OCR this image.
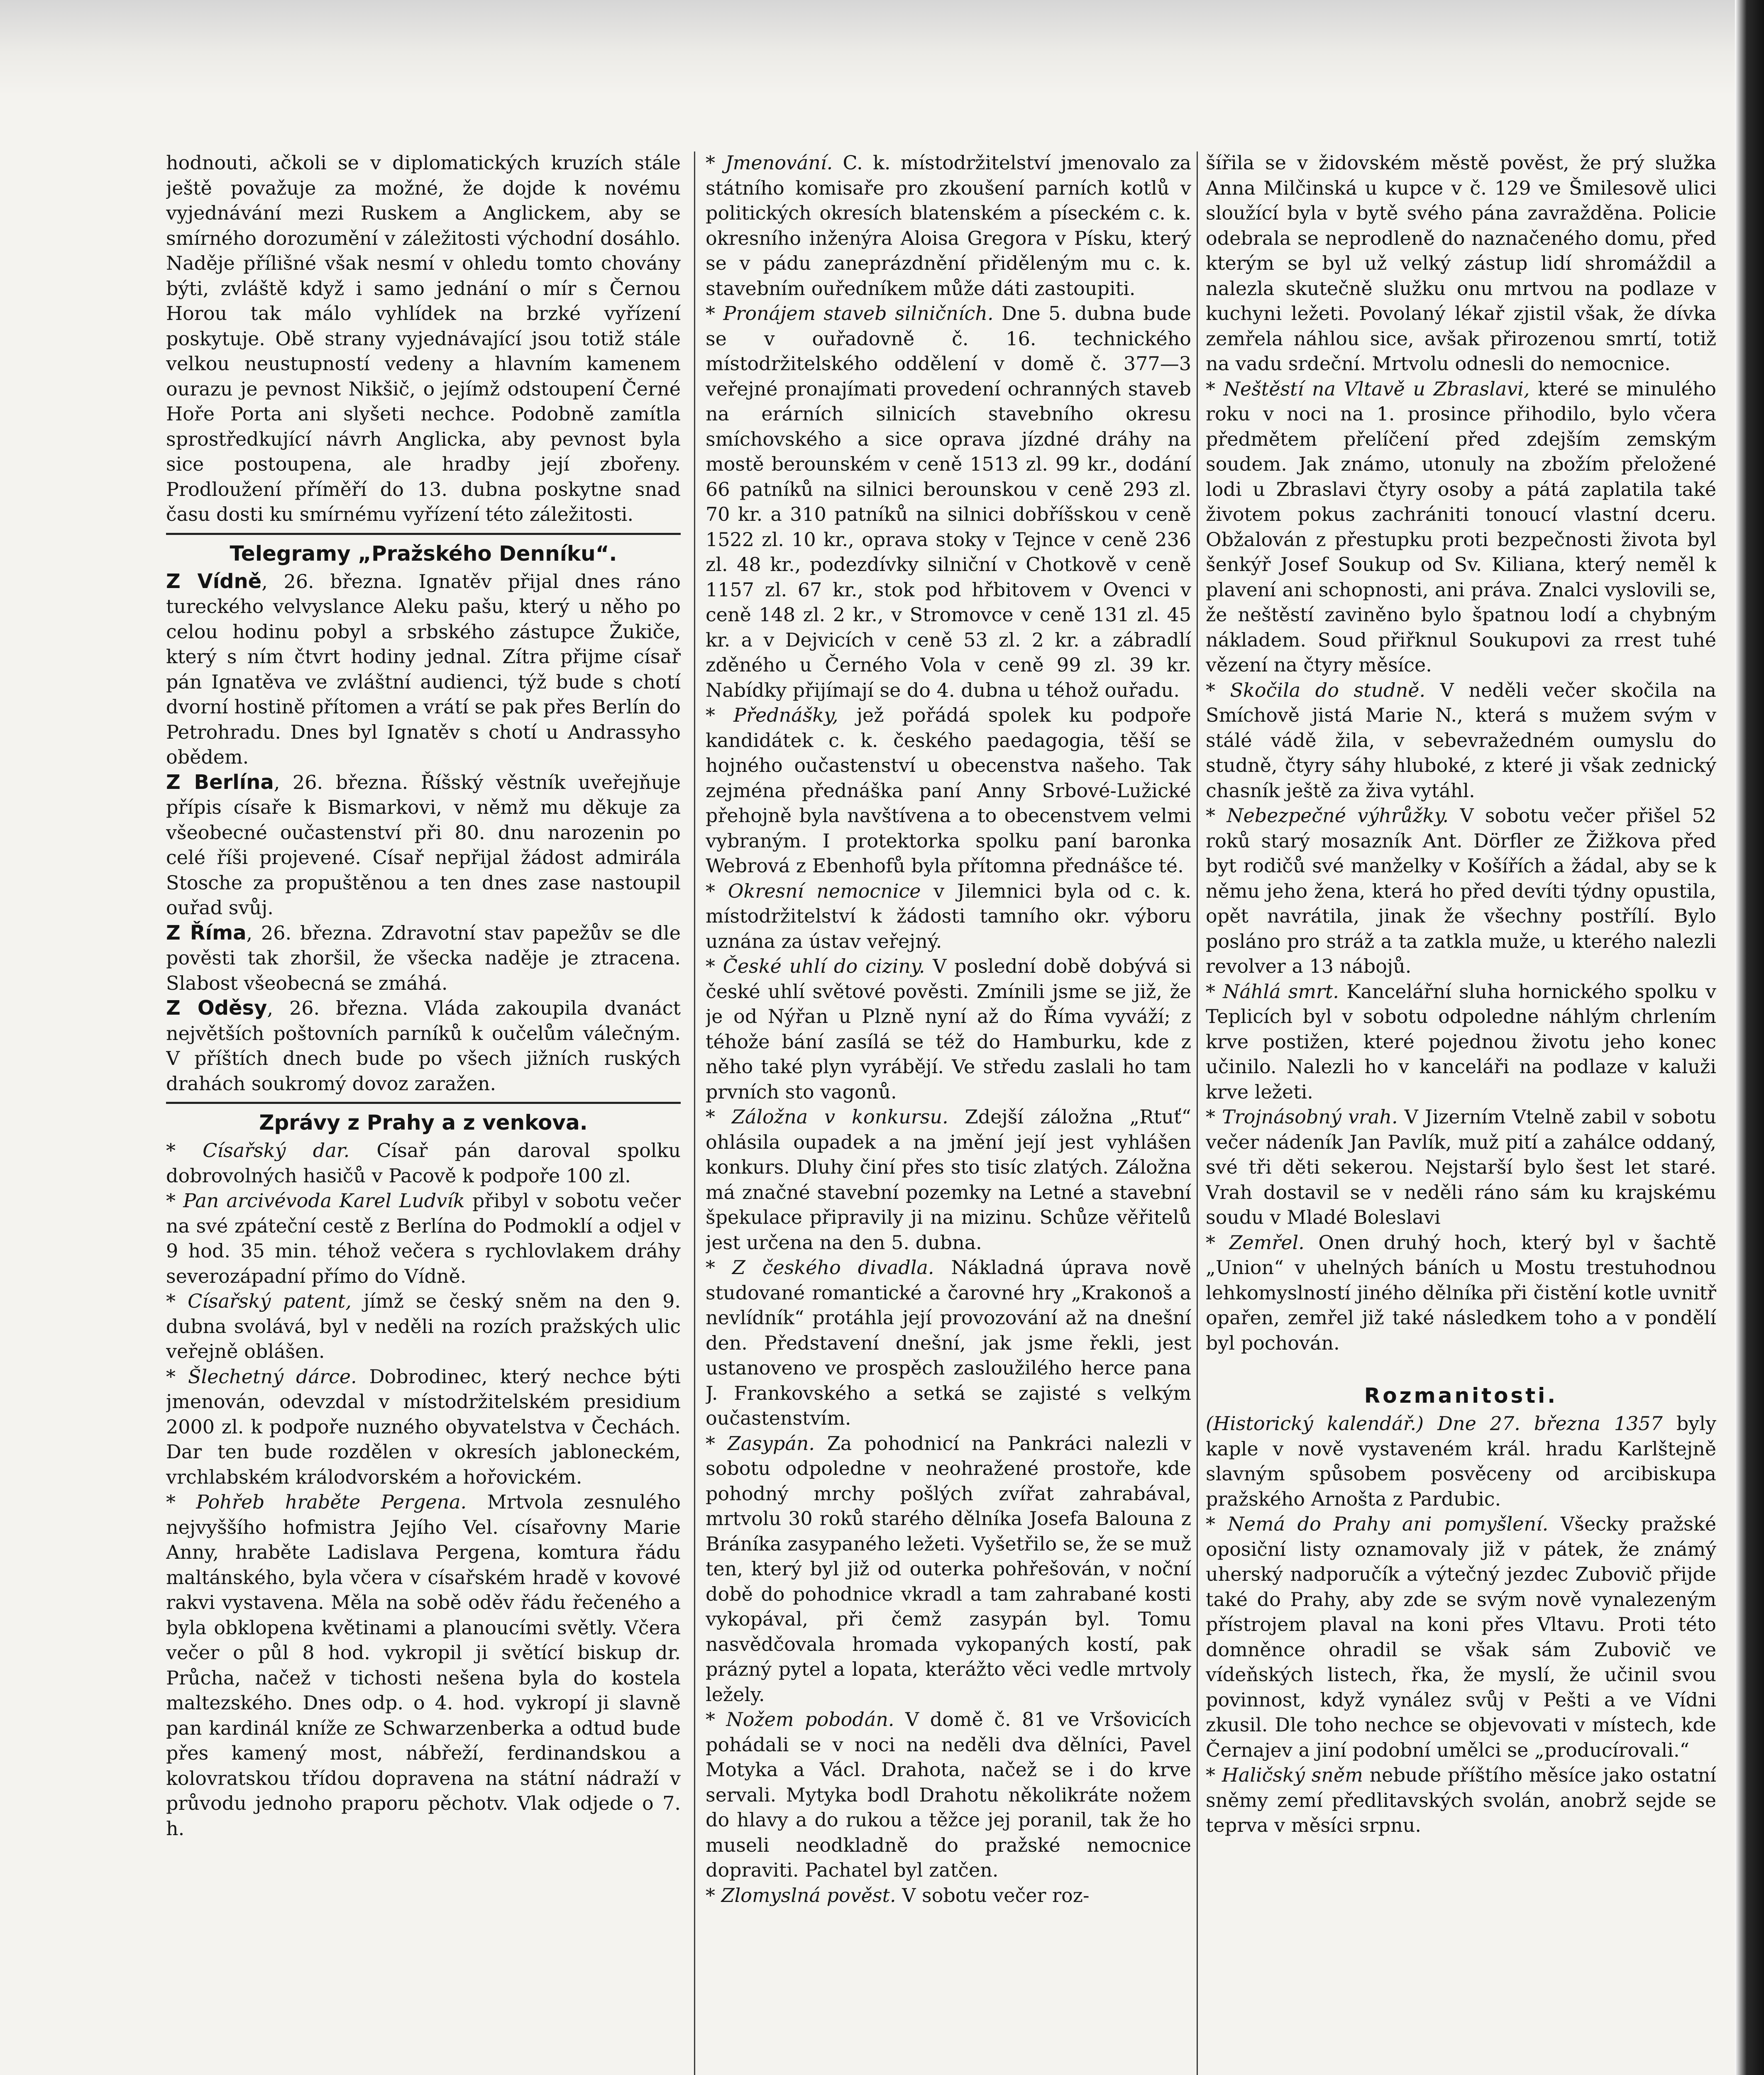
hodnouti, ačkoli se v diplomatických kruzích stále ještě považuje za možné, že dojde k novému vyjednávání mezi Ruskem a Anglickem, aby se smírného dorozumění v záležitosti východní dosáhlo. Naděje přílišné však nesmí v ohledu tomto chovány býti, zvláště když i samo jednání o mír s Černou Horou tak málo vyhlídek na brzké vyřízení poskytuje. Obě strany vyjednávající jsou totiž stále velkou neustupností vedeny a hlavním kamenem ourazu je pevnost Nikšič, o jejímž odstoupení Černé Hoře Porta ani slyšeti nechce. Podobně zamítla sprostředkující návrh Anglicka, aby pevnost byla sice postoupena, ale hradby její zbořeny. Prodloužení příměří do 13. dubna poskytne snad času dosti ku smírnému vyřízení této záležitosti.

Telegramy „Pražského Denníku“.

Z Vídně, 26. března. Ignatěv přijal dnes ráno tureckého velvyslance Aleku pašu, který u něho po celou hodinu pobyl a srbského zástupce Žukiče, který s ním čtvrt hodiny jednal. Zítra přijme císař pán Ignatěva ve zvláštní audienci, týž bude s chotí dvorní hostině přítomen a vrátí se pak přes Berlín do Petrohradu. Dnes byl Ignatěv s chotí u Andrassyho obědem.

Z Berlína, 26. března. Říšský věstník uveřejňuje přípis císaře k Bismarkovi, v němž mu děkuje za všeobecné oučastenství při 80. dnu narozenin po celé říši projevené. Císař nepřijal žádost admirála Stosche za propuštěnou a ten dnes zase nastoupil ouřad svůj.

Z Říma, 26. března. Zdravotní stav papežův se dle pověsti tak zhoršil, že všecka naděje je ztracena. Slabost všeobecná se zmáhá.

Z Oděsy, 26. března. Vláda zakoupila dvanáct největších poštovních parníků k oučelům válečným. V příštích dnech bude po všech jižních ruských drahách soukromý dovoz zaražen.

Zprávy z Prahy a z venkova.

* Císařský dar. Císař pán daroval spolku dobrovolných hasičů v Pacově k podpoře 100 zl.

* Pan arcivévoda Karel Ludvík přibyl v sobotu večer na své zpáteční cestě z Berlína do Podmoklí a odjel v 9 hod. 35 min. téhož večera s rychlovlakem dráhy severozápadní přímo do Vídně.

* Císařský patent, jímž se český sněm na den 9. dubna svolává, byl v neděli na rozích pražských ulic veřejně oblášen.

* Šlechetný dárce. Dobrodinec, který nechce býti jmenován, odevzdal v místodržitelském presidium 2000 zl. k podpoře nuzného obyvatelstva v Čechách. Dar ten bude rozdělen v okresích jabloneckém, vrchlabském králodvorském a hořovickém.

* Pohřeb hraběte Pergena. Mrtvola zesnulého nejvyššího hofmistra Jejího Vel. císařovny Marie Anny, hraběte Ladislava Pergena, komtura řádu maltánského, byla včera v císařském hradě v kovové rakvi vystavena. Měla na sobě oděv řádu řečeného a byla obklopena květinami a planoucími světly. Včera večer o půl 8 hod. vykropil ji světící biskup dr. Průcha, načež v tichosti nešena byla do kostela maltezského. Dnes odp. o 4. hod. vykropí ji slavně pan kardinál kníže ze Schwarzenberka a odtud bude přes kamený most, nábřeží, ferdinandskou a kolovratskou třídou dopravena na státní nádraží v průvodu jednoho praporu pěchotv. Vlak odjede o 7. h.

* Jmenování. C. k. místodržitelství jmenovalo za státního komisaře pro zkoušení parních kotlů v politických okresích blatenském a píseckém c. k. okresního inženýra Aloisa Gregora v Písku, který se v pádu zaneprázdnění přiděleným mu c. k. stavebním ouředníkem může dáti zastoupiti.

* Pronájem staveb silničních. Dne 5. dubna bude se v ouřadovně č. 16. technického místodržitelského oddělení v domě č. 377—3 veřejné pronajímati provedení ochranných staveb na erárních silnicích stavebního okresu smíchovského a sice oprava jízdné dráhy na mostě berounském v ceně 1513 zl. 99 kr., dodání 66 patníků na silnici berounskou v ceně 293 zl. 70 kr. a 310 patníků na silnici dobříšskou v ceně 1522 zl. 10 kr., oprava stoky v Tejnce v ceně 236 zl. 48 kr., podezdívky silniční v Chotkově v ceně 1157 zl. 67 kr., stok pod hřbitovem v Ovenci v ceně 148 zl. 2 kr., v Stromovce v ceně 131 zl. 45 kr. a v Dejvicích v ceně 53 zl. 2 kr. a zábradlí zděného u Černého Vola v ceně 99 zl. 39 kr. Nabídky přijímají se do 4. dubna u téhož ouřadu.

* Přednášky, jež pořádá spolek ku podpoře kandidátek c. k. českého paedagogia, těší se hojného oučastenství u obecenstva našeho. Tak zejména přednáška paní Anny Srbové-Lužické přehojně byla navštívena a to obecenstvem velmi vybraným. I protektorka spolku paní baronka Webrová z Ebenhofů byla přítomna přednášce té.

* Okresní nemocnice v Jilemnici byla od c. k. místodržitelství k žádosti tamního okr. výboru uznána za ústav veřejný.

* České uhlí do ciziny. V poslední době dobývá si české uhlí světové pověsti. Zmínili jsme se již, že je od Nýřan u Plzně nyní až do Říma vyváží; z téhože bání zasílá se též do Hamburku, kde z něho také plyn vyrábějí. Ve středu zaslali ho tam prvních sto vagonů.

* Záložna v konkursu. Zdejší záložna „Rtuť“ ohlásila oupadek a na jmění její jest vyhlášen konkurs. Dluhy činí přes sto tisíc zlatých. Záložna má značné stavební pozemky na Letné a stavební špekulace připravily ji na mizinu. Schůze věřitelů jest určena na den 5. dubna.

* Z českého divadla. Nákladná úprava nově studované romantické a čarovné hry „Krakonoš a nevlídník“ protáhla její provozování až na dnešní den. Představení dnešní, jak jsme řekli, jest ustanoveno ve prospěch zasloužilého herce pana J. Frankovského a setká se zajisté s velkým oučastenstvím.

* Zasypán. Za pohodnicí na Pankráci nalezli v sobotu odpoledne v neohražené prostoře, kde pohodný mrchy pošlých zvířat zahrabával, mrtvolu 30 roků starého dělníka Josefa Balouna z Bráníka zasypaného ležeti. Vyšetřilo se, že se muž ten, který byl již od outerka pohřešován, v noční době do pohodnice vkradl a tam zahrabané kosti vykopával, při čemž zasypán byl. Tomu nasvědčovala hromada vykopaných kostí, pak prázný pytel a lopata, kterážto věci vedle mrtvoly ležely.

* Nožem pobodán. V domě č. 81 ve Vršovicích pohádali se v noci na neděli dva dělníci, Pavel Motyka a Václ. Drahota, načež se i do krve servali. Mytyka bodl Drahotu několikráte nožem do hlavy a do rukou a těžce jej poranil, tak že ho museli neodkladně do pražské nemocnice dopraviti. Pachatel byl zatčen.

* Zlomyslná pověst. V sobotu večer roz-

šířila se v židovském městě pověst, že prý služka Anna Milčinská u kupce v č. 129 ve Šmilesově ulici sloužící byla v bytě svého pána zavražděna. Policie odebrala se neprodleně do naznačeného domu, před kterým se byl už velký zástup lidí shromáždil a nalezla skutečně služku onu mrtvou na podlaze v kuchyni ležeti. Povolaný lékař zjistil však, že dívka zemřela náhlou sice, avšak přirozenou smrtí, totiž na vadu srdeční. Mrtvolu odnesli do nemocnice.

* Neštěstí na Vltavě u Zbraslavi, které se minulého roku v noci na 1. prosince přihodilo, bylo včera předmětem přelíčení před zdejším zemským soudem. Jak známo, utonuly na zbožím přeložené lodi u Zbraslavi čtyry osoby a pátá zaplatila také životem pokus zachrániti tonoucí vlastní dceru. Obžalován z přestupku proti bezpečnosti života byl šenkýř Josef Soukup od Sv. Kiliana, který neměl k plavení ani schopnosti, ani práva. Znalci vyslovili se, že neštěstí zaviněno bylo špatnou lodí a chybným nákladem. Soud přiřknul Soukupovi za rrest tuhé vězení na čtyry měsíce.

* Skočila do studně. V neděli večer skočila na Smíchově jistá Marie N., která s mužem svým v stálé vádě žila, v sebevražedném oumyslu do studně, čtyry sáhy hluboké, z které ji však zednický chasník ještě za živa vytáhl.

* Nebezpečné výhrůžky. V sobotu večer přišel 52 roků starý mosazník Ant. Dörfler ze Žižkova před byt rodičů své manželky v Košířích a žádal, aby se k němu jeho žena, která ho před devíti týdny opustila, opět navrátila, jinak že všechny postřílí. Bylo posláno pro stráž a ta zatkla muže, u kterého nalezli revolver a 13 nábojů.

* Náhlá smrt. Kancelářní sluha hornického spolku v Teplicích byl v sobotu odpoledne náhlým chrlením krve postižen, které pojednou životu jeho konec učinilo. Nalezli ho v kanceláři na podlaze v kaluži krve ležeti.

* Trojnásobný vrah. V Jizerním Vtelně zabil v sobotu večer nádeník Jan Pavlík, muž pití a zahálce oddaný, své tři děti sekerou. Nejstarší bylo šest let staré. Vrah dostavil se v neděli ráno sám ku krajskému soudu v Mladé Boleslavi

* Zemřel. Onen druhý hoch, který byl v šachtě „Union“ v uhelných báních u Mostu trestuhodnou lehkomyslností jiného dělníka při čistění kotle uvnitř opařen, zemřel již také následkem toho a v pondělí byl pochován.

Rozmanitosti.

(Historický kalendář.) Dne 27. března 1357 byly kaple v nově vystaveném král. hradu Karlštejně slavným spůsobem posvěceny od arcibiskupa pražského Arnošta z Pardubic.

* Nemá do Prahy ani pomyšlení. Všecky pražské oposiční listy oznamovaly již v pátek, že známý uherský nadporučík a výtečný jezdec Zubovič přijde také do Prahy, aby zde se svým nově vynalezeným přístrojem plaval na koni přes Vltavu. Proti této domněnce ohradil se však sám Zubovič ve vídeňských listech, řka, že myslí, že učinil svou povinnost, když vynález svůj v Pešti a ve Vídni zkusil. Dle toho nechce se objevovati v místech, kde Černajev a jiní podobní umělci se „producírovali.“

* Haličský sněm nebude příštího měsíce jako ostatní sněmy zemí předlitavských svolán, anobrž sejde se teprva v měsíci srpnu.
